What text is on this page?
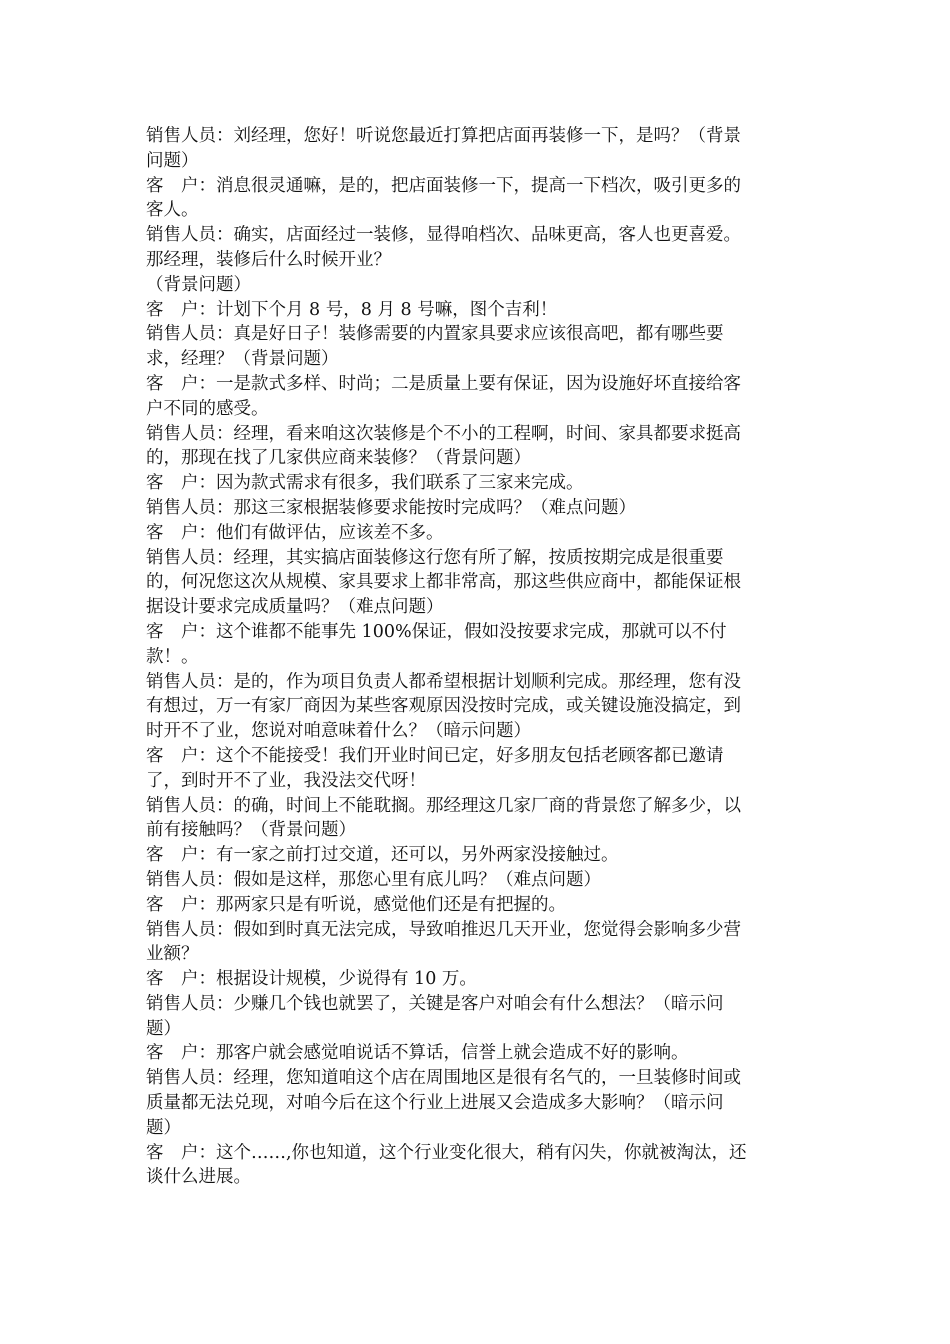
销售人员：刘经理，您好！听说您最近打算把店面再装修一下，是吗？（背景
问题）
客　户：消息很灵通嘛，是的，把店面装修一下，提高一下档次，吸引更多的
客人。
销售人员：确实，店面经过一装修，显得咱档次、品味更高，客人也更喜爱。
那经理，装修后什么时候开业？
（背景问题）
客　户：计划下个月 8 号，8 月 8 号嘛，图个吉利！
销售人员：真是好日子！装修需要的内置家具要求应该很高吧，都有哪些要
求，经理？（背景问题）
客　户：一是款式多样、时尚；二是质量上要有保证，因为设施好坏直接给客
户不同的感受。
销售人员：经理，看来咱这次装修是个不小的工程啊，时间、家具都要求挺高
的，那现在找了几家供应商来装修？（背景问题）
客　户：因为款式需求有很多，我们联系了三家来完成。
销售人员：那这三家根据装修要求能按时完成吗？（难点问题）
客　户：他们有做评估，应该差不多。
销售人员：经理，其实搞店面装修这行您有所了解，按质按期完成是很重要
的，何况您这次从规模、家具要求上都非常高，那这些供应商中，都能保证根
据设计要求完成质量吗？（难点问题）
客　户：这个谁都不能事先 100%保证，假如没按要求完成，那就可以不付
款！。
销售人员：是的，作为项目负责人都希望根据计划顺利完成。那经理，您有没
有想过，万一有家厂商因为某些客观原因没按时完成，或关键设施没搞定，到
时开不了业，您说对咱意味着什么？（暗示问题）
客　户：这个不能接受！我们开业时间已定，好多朋友包括老顾客都已邀请
了，到时开不了业，我没法交代呀！
销售人员：的确，时间上不能耽搁。那经理这几家厂商的背景您了解多少，以
前有接触吗？（背景问题）
客　户：有一家之前打过交道，还可以，另外两家没接触过。
销售人员：假如是这样，那您心里有底儿吗？（难点问题）
客　户：那两家只是有听说，感觉他们还是有把握的。
销售人员：假如到时真无法完成，导致咱推迟几天开业，您觉得会影响多少营
业额？
客　户：根据设计规模，少说得有 10 万。
销售人员：少赚几个钱也就罢了，关键是客户对咱会有什么想法？（暗示问
题）
客　户：那客户就会感觉咱说话不算话，信誉上就会造成不好的影响。
销售人员：经理，您知道咱这个店在周围地区是很有名气的，一旦装修时间或
质量都无法兑现，对咱今后在这个行业上进展又会造成多大影响？（暗示问
题）
客　户：这个……,你也知道，这个行业变化很大，稍有闪失，你就被淘汰，还
谈什么进展。
